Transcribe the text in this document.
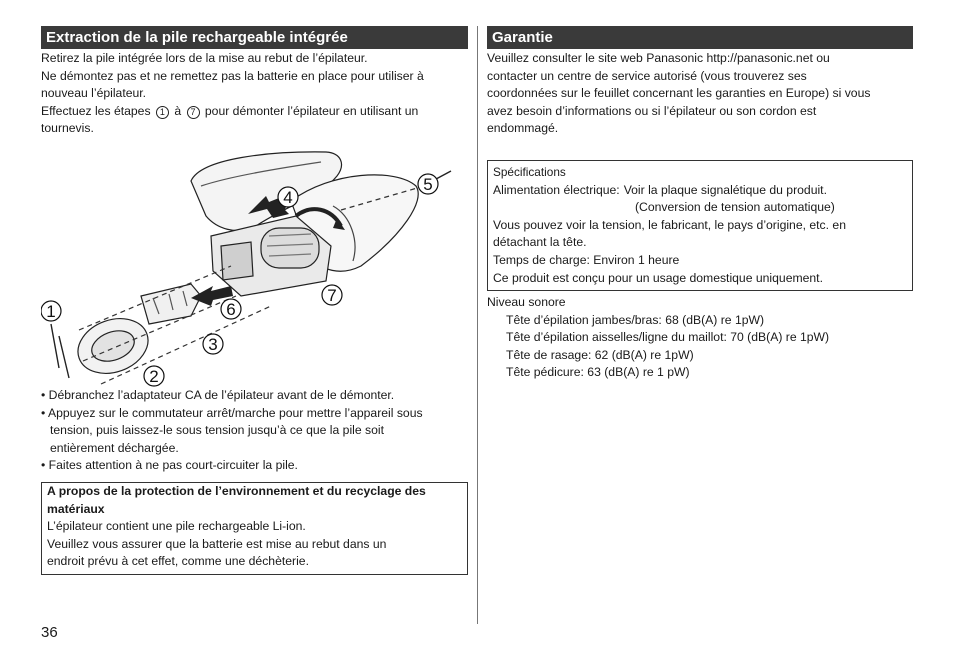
Extraction de la pile rechargeable intégrée

Retirez la pile intégrée lors de la mise au rebut de l’épilateur.

Ne démontez pas et ne remettez pas la batterie en place pour utiliser à

nouveau l’épilateur.

Effectuez les étapes 1 à 7 pour démonter l’épilateur en utilisant un

tournevis.

1
2
3
4
5
6
7
• Débranchez l’adaptateur CA de l’épilateur avant de le démonter.
• Appuyez sur le commutateur arrêt/marche pour mettre l’appareil sous
tension, puis laissez-le sous tension jusqu’à ce que la pile soit
entièrement déchargée.
• Faites attention à ne pas court-circuiter la pile.

A propos de la protection de l’environnement et du recyclage des

matériaux

L’épilateur contient une pile rechargeable Li-ion.

Veuillez vous assurer que la batterie est mise au rebut dans un

endroit prévu à cet effet, comme une déchèterie.

Garantie

Veuillez consulter le site web Panasonic http://panasonic.net ou

contacter un centre de service autorisé (vous trouverez ses

coordonnées sur le feuillet concernant les garanties en Europe) si vous

avez besoin d’informations ou si l’épilateur ou son cordon est

endommagé.

Spécifications

Alimentation électrique: Voir la plaque signalétique du produit.

(Conversion de tension automatique)

Vous pouvez voir la tension, le fabricant, le pays d’origine, etc. en

détachant la tête.

Temps de charge: Environ 1 heure

Ce produit est conçu pour un usage domestique uniquement.

Niveau sonore

Tête d’épilation jambes/bras: 68 (dB(A) re 1pW)

Tête d’épilation aisselles/ligne du maillot: 70 (dB(A) re 1pW)

Tête de rasage: 62 (dB(A) re 1pW)

Tête pédicure: 63 (dB(A) re 1 pW)

36
